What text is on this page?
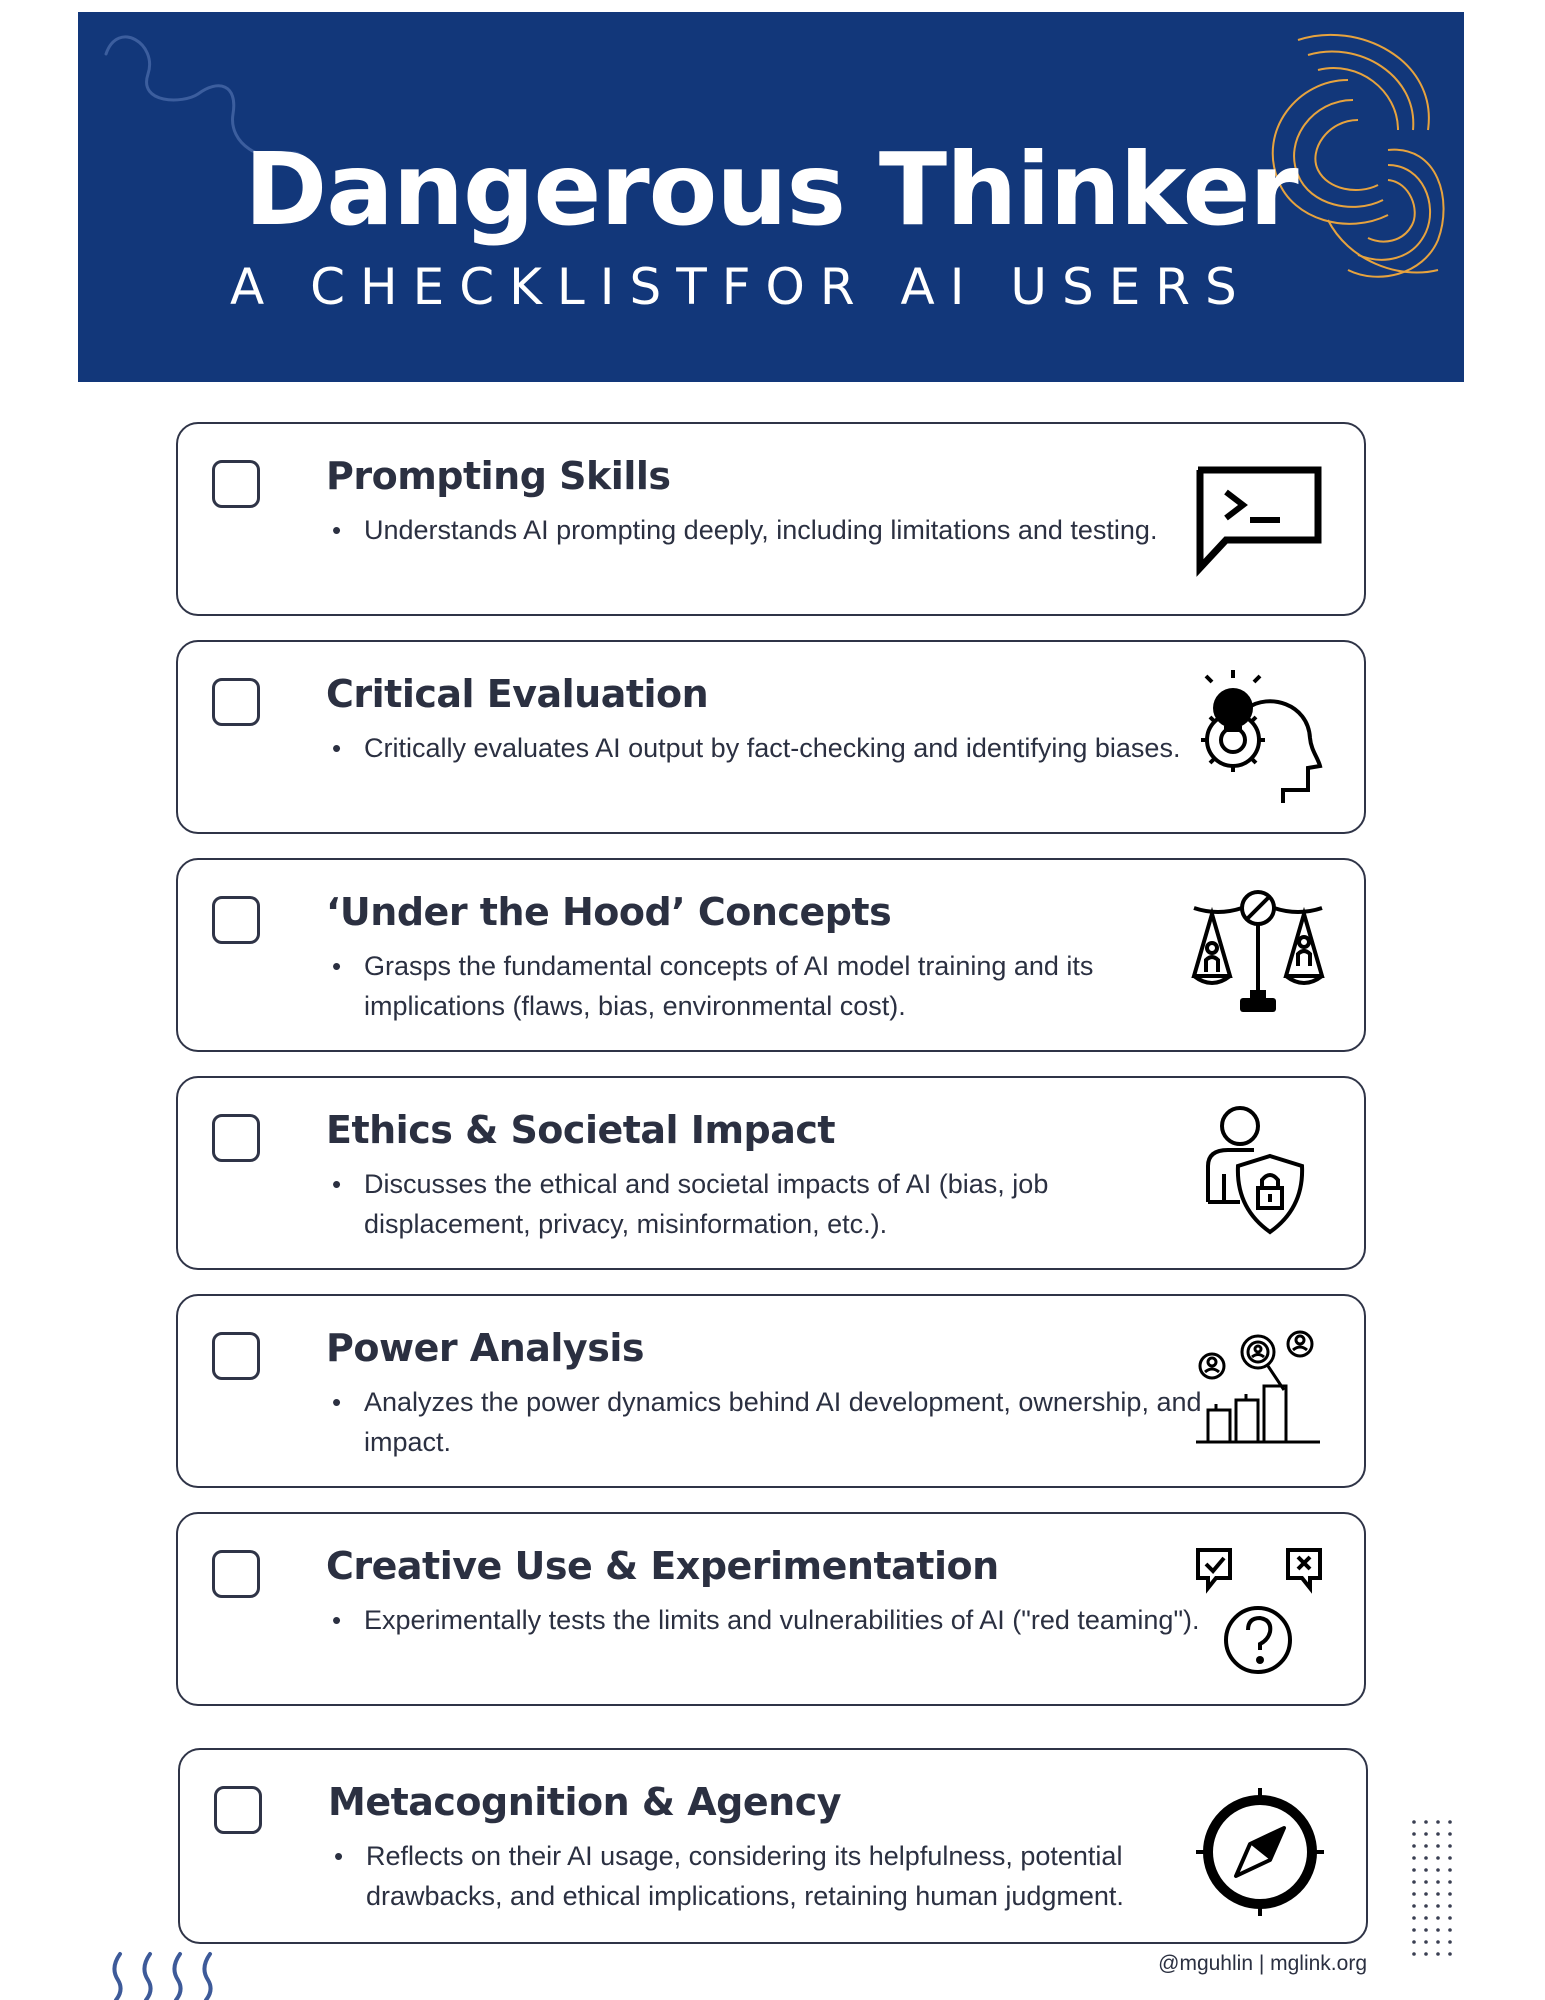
Dangerous Thinker
A CHECKLISTFOR AI USERS
Prompting Skills
• Understands AI prompting deeply, including limitations and testing.
Critical Evaluation
• Critically evaluates AI output by fact-checking and identifying biases.
‘Under the Hood’ Concepts
• Grasps the fundamental concepts of AI model training and its implications (flaws, bias, environmental cost).
Ethics & Societal Impact
• Discusses the ethical and societal impacts of AI (bias, job displacement, privacy, misinformation, etc.).
Power Analysis
• Analyzes the power dynamics behind AI development, ownership, and impact.
Creative Use & Experimentation
• Experimentally tests the limits and vulnerabilities of AI ("red teaming").
Metacognition & Agency
• Reflects on their AI usage, considering its helpfulness, potential drawbacks, and ethical implications, retaining human judgment.
@mguhlin | mglink.org
